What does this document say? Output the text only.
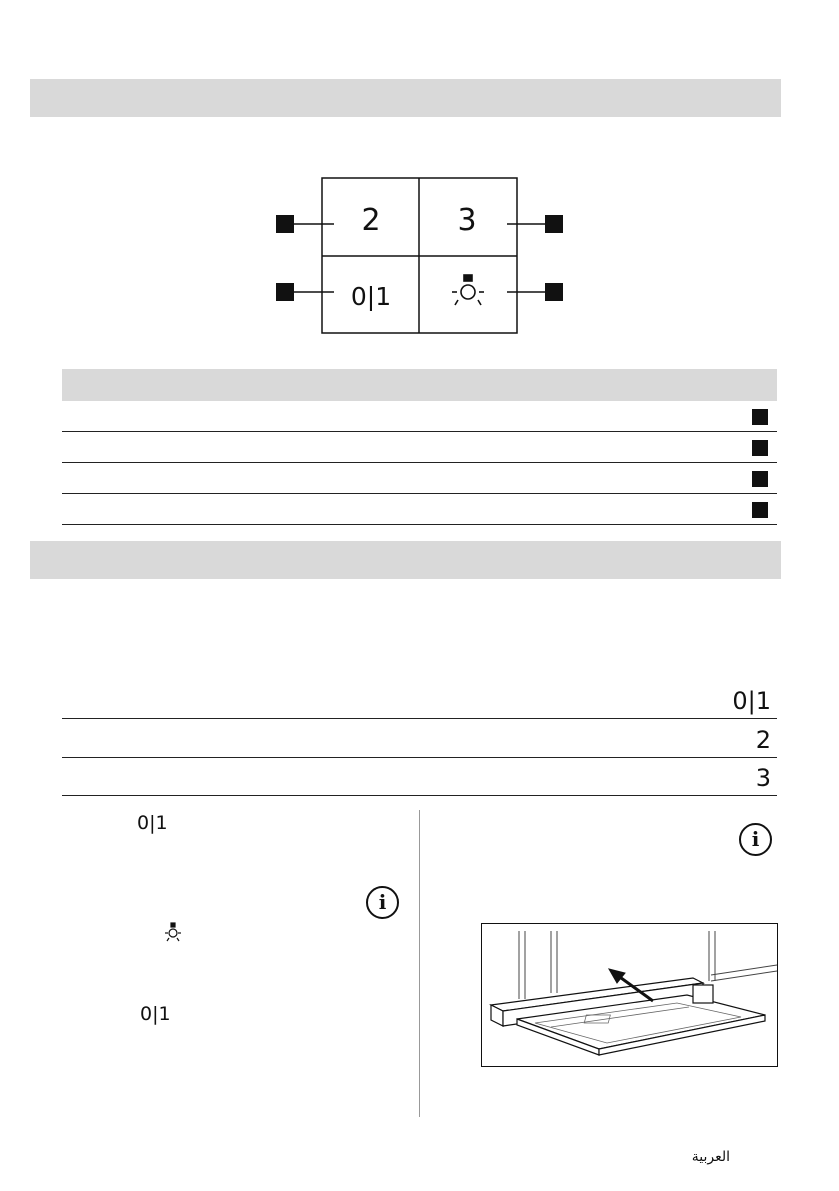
2	3
0|1
0|1
2
3
0|1
i
0|1
i
العربية
